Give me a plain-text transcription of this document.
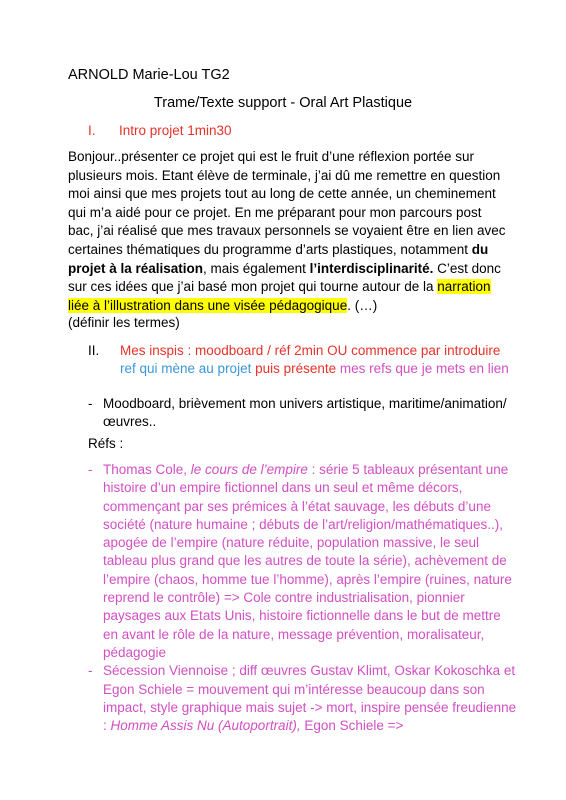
ARNOLD Marie-Lou TG2
Trame/Texte support - Oral Art Plastique
I. Intro projet 1min30

Bonjour..présenter ce projet qui est le fruit d’une réflexion portée sur plusieurs mois. Etant élève de terminale, j’ai dû me remettre en question moi ainsi que mes projets tout au long de cette année, un cheminement qui m’a aidé pour ce projet. En me préparant pour mon parcours post bac, j’ai réalisé que mes travaux personnels se voyaient être en lien avec certaines thématiques du programme d’arts plastiques, notamment du projet à la réalisation, mais également l’interdisciplinarité. C’est donc sur ces idées que j’ai basé mon projet qui tourne autour de la narration liée à l’illustration dans une visée pédagogique. (…)

(définir les termes)
II. Mes inspis : moodboard / réf 2min OU commence par introduire ref qui mène au projet puis présente mes refs que je mets en lien
- Moodboard, brièvement mon univers artistique, maritime/animation/œuvres..
Réfs :
- Thomas Cole, le cours de l’empire : série 5 tableaux présentant une histoire d’un empire fictionnel dans un seul et même décors, commençant par ses prémices à l’état sauvage, les débuts d’une société (nature humaine ; débuts de l’art/religion/mathématiques..), apogée de l’empire (nature réduite, population massive, le seul tableau plus grand que les autres de toute la série), achèvement de l’empire (chaos, homme tue l’homme), après l’empire (ruines, nature reprend le contrôle) => Cole contre industrialisation, pionnier paysages aux Etats Unis, histoire fictionnelle dans le but de mettre en avant le rôle de la nature, message prévention, moralisateur, pédagogie
- Sécession Viennoise ; diff œuvres Gustav Klimt, Oskar Kokoschka et Egon Schiele = mouvement qui m’intéresse beaucoup dans son impact, style graphique mais sujet -> mort, inspire pensée freudienne : Homme Assis Nu (Autoportrait), Egon Schiele =>
